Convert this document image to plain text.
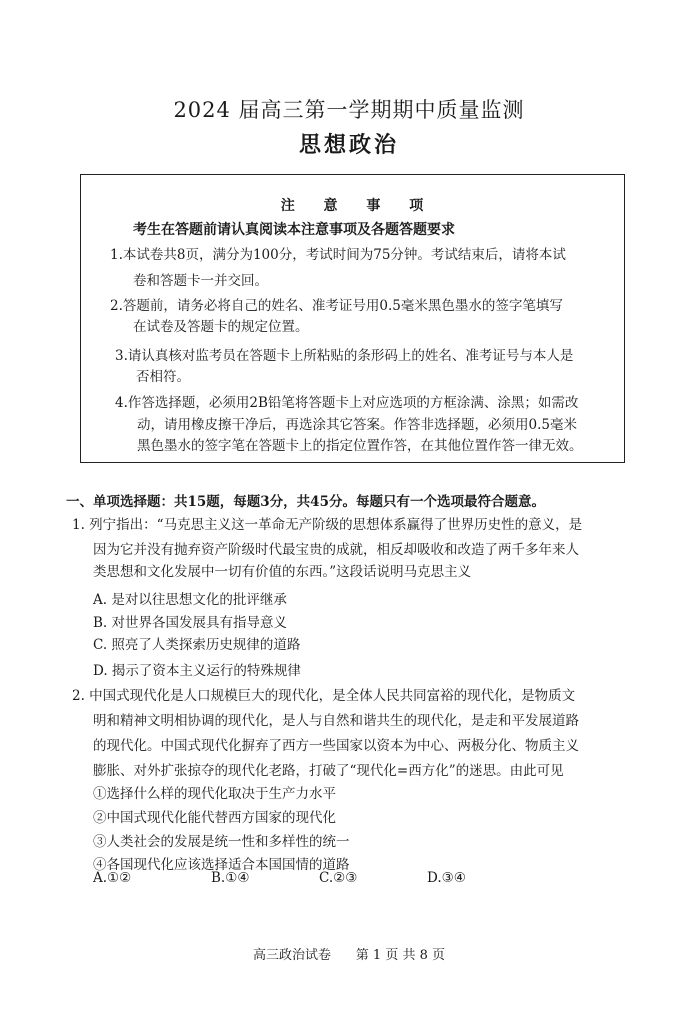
2024 届高三第一学期期中质量监测
思想政治
注 意 事 项
考生在答题前请认真阅读本注意事项及各题答题要求
1.本试卷共8页，满分为100分，考试时间为75分钟。考试结束后，请将本试
卷和答题卡一并交回。
2.答题前，请务必将自己的姓名、准考证号用0.5毫米黑色墨水的签字笔填写
在试卷及答题卡的规定位置。
3.请认真核对监考员在答题卡上所粘贴的条形码上的姓名、准考证号与本人是
否相符。
4.作答选择题，必须用2B铅笔将答题卡上对应选项的方框涂满、涂黑；如需改
动，请用橡皮擦干净后，再选涂其它答案。作答非选择题，必须用0.5毫米
黑色墨水的签字笔在答题卡上的指定位置作答，在其他位置作答一律无效。
一、单项选择题：共15题，每题3分，共45分。每题只有一个选项最符合题意。
1. 列宁指出：“马克思主义这一革命无产阶级的思想体系赢得了世界历史性的意义，是
因为它并没有抛弃资产阶级时代最宝贵的成就，相反却吸收和改造了两千多年来人
类思想和文化发展中一切有价值的东西。”这段话说明马克思主义
A. 是对以往思想文化的批评继承
B. 对世界各国发展具有指导意义
C. 照亮了人类探索历史规律的道路
D. 揭示了资本主义运行的特殊规律
2. 中国式现代化是人口规模巨大的现代化，是全体人民共同富裕的现代化，是物质文
明和精神文明相协调的现代化，是人与自然和谐共生的现代化，是走和平发展道路
的现代化。中国式现代化摒弃了西方一些国家以资本为中心、两极分化、物质主义
膨胀、对外扩张掠夺的现代化老路，打破了“现代化=西方化”的迷思。由此可见
①选择什么样的现代化取决于生产力水平
②中国式现代化能代替西方国家的现代化
③人类社会的发展是统一性和多样性的统一
④各国现代化应该选择适合本国国情的道路
A.①②	B.①④	C.②③	D.③④
高三政治试卷      第 1 页 共 8 页
